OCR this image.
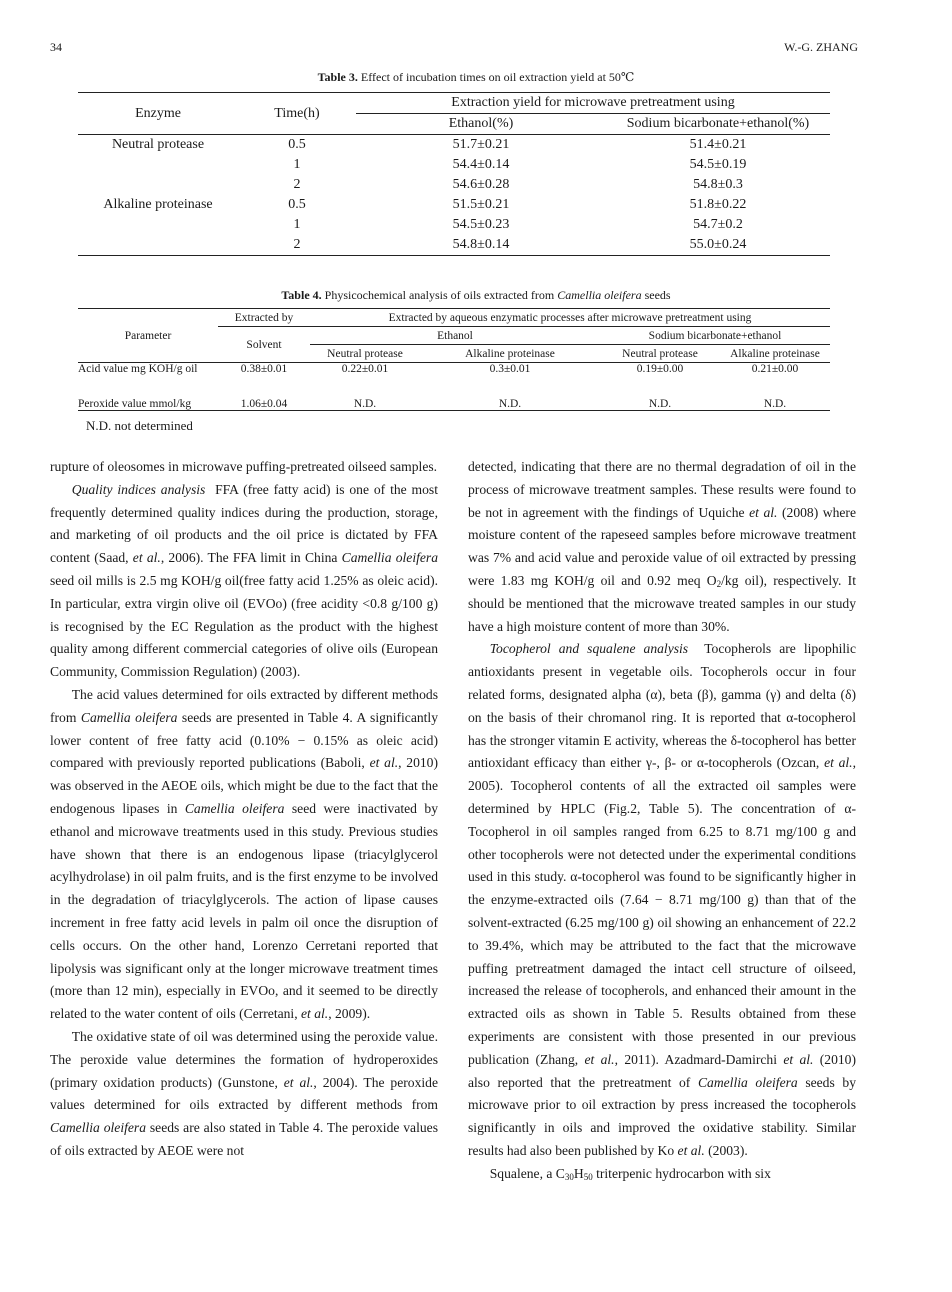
34	W.-G. ZHANG
Table 3. Effect of incubation times on oil extraction yield at 50℃
Enzyme	Time(h)	Extraction yield for microwave pretreatment using	
		Ethanol(%)	Sodium bicarbonate+ethanol(%)
Neutral protease	0.5	51.7±0.21	51.4±0.21
	1	54.4±0.14	54.5±0.19
	2	54.6±0.28	54.8±0.3
Alkaline proteinase	0.5	51.5±0.21	51.8±0.22
	1	54.5±0.23	54.7±0.2
	2	54.8±0.14	55.0±0.24
Table 4. Physicochemical analysis of oils extracted from Camellia oleifera seeds
Parameter	Extracted by	Extracted by aqueous enzymatic processes after microwave pretreatment using			
	Solvent	Ethanol		Sodium bicarbonate+ethanol	
		Neutral protease	Alkaline proteinase	Neutral protease	Alkaline proteinase
Acid value mg KOH/g oil	0.38±0.01	0.22±0.01	0.3±0.01	0.19±0.00	0.21±0.00
Peroxide value mmol/kg	1.06±0.04	N.D.	N.D.	N.D.	N.D.
N.D. not determined

rupture of oleosomes in microwave puffing-pretreated oilseed samples.

Quality indices analysis  FFA (free fatty acid) is one of the most frequently determined quality indices during the production, storage, and marketing of oil products and the oil price is dictated by FFA content (Saad, et al., 2006). The FFA limit in China Camellia oleifera seed oil mills is 2.5 mg KOH/g oil(free fatty acid 1.25% as oleic acid). In particular, extra virgin olive oil (EVOo) (free acidity <0.8 g/100 g) is recognised by the EC Regulation as the product with the highest quality among different commercial categories of olive oils (European Community, Commission Regulation) (2003).

The acid values determined for oils extracted by different methods from Camellia oleifera seeds are presented in Table 4. A significantly lower content of free fatty acid (0.10% − 0.15% as oleic acid) compared with previously reported publications (Baboli, et al., 2010) was observed in the AEOE oils, which might be due to the fact that the endogenous lipases in Camellia oleifera seed were inactivated by ethanol and microwave treatments used in this study. Previous studies have shown that there is an endogenous lipase (triacylglycerol acylhydrolase) in oil palm fruits, and is the first enzyme to be involved in the degradation of triacylglycerols. The action of lipase causes increment in free fatty acid levels in palm oil once the disruption of cells occurs. On the other hand, Lorenzo Cerretani reported that lipolysis was significant only at the longer microwave treatment times (more than 12 min), especially in EVOo, and it seemed to be directly related to the water content of oils (Cerretani, et al., 2009).

The oxidative state of oil was determined using the peroxide value. The peroxide value determines the formation of hydroperoxides (primary oxidation products) (Gunstone, et al., 2004). The peroxide values determined for oils extracted by different methods from Camellia oleifera seeds are also stated in Table 4. The peroxide values of oils extracted by AEOE were not

detected, indicating that there are no thermal degradation of oil in the process of microwave treatment samples. These results were found to be not in agreement with the findings of Uquiche et al. (2008) where moisture content of the rapeseed samples before microwave treatment was 7% and acid value and peroxide value of oil extracted by pressing were 1.83 mg KOH/g oil and 0.92 meq $O_2/kg$ oil), respectively. It should be mentioned that the microwave treated samples in our study have a high moisture content of more than 30%.

Tocopherol and squalene analysis  Tocopherols are lipophilic antioxidants present in vegetable oils. Tocopherols occur in four related forms, designated alpha (α), beta (β), gamma (γ) and delta (δ) on the basis of their chromanol ring. It is reported that α-tocopherol has the stronger vitamin E activity, whereas the δ-tocopherol has better antioxidant efficacy than either γ-, β- or α-tocopherols (Ozcan, et al., 2005). Tocopherol contents of all the extracted oil samples were determined by HPLC (Fig.2, Table 5). The concentration of α-Tocopherol in oil samples ranged from 6.25 to 8.71 mg/100 g and other tocopherols were not detected under the experimental conditions used in this study. α-tocopherol was found to be significantly higher in the enzyme-extracted oils (7.64 − 8.71 mg/100 g) than that of the solvent-extracted (6.25 mg/100 g) oil showing an enhancement of 22.2 to 39.4%, which may be attributed to the fact that the microwave puffing pretreatment damaged the intact cell structure of oilseed, increased the release of tocopherols, and enhanced their amount in the extracted oils as shown in Table 5. Results obtained from these experiments are consistent with those presented in our previous publication (Zhang, et al., 2011). Azadmard-Damirchi et al. (2010) also reported that the pretreatment of Camellia oleifera seeds by microwave prior to oil extraction by press increased the tocopherols significantly in oils and improved the oxidative stability. Similar results had also been published by Ko et al. (2003).

Squalene, a $C_{30}H_{50}$ triterpenic hydrocarbon with six
